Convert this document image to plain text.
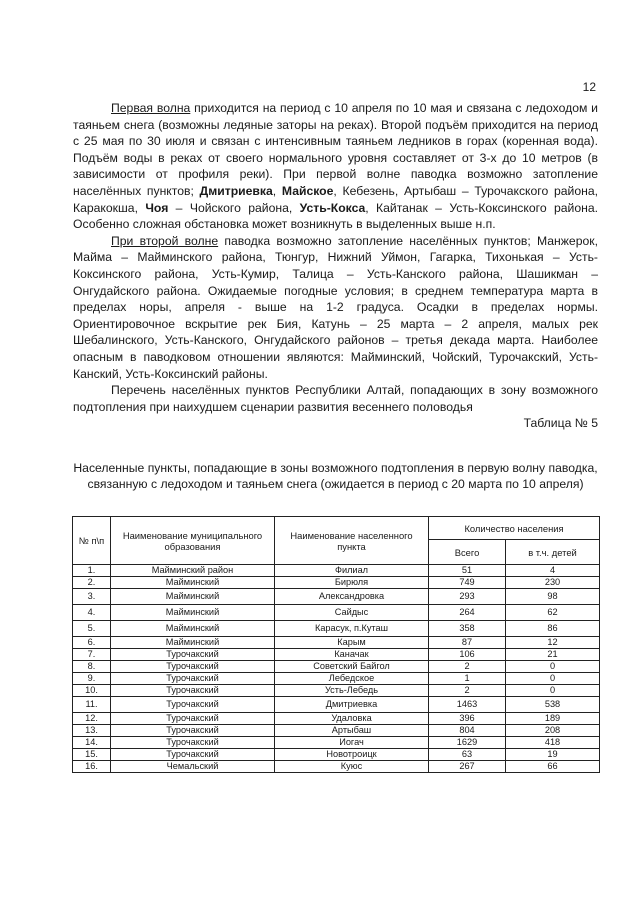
12

Первая волна приходится на период с 10 апреля по 10 мая и связана с ледоходом и таяньем снега (возможны ледяные заторы на реках). Второй подъём приходится на период с 25 мая по 30 июля и связан с интенсивным таяньем ледников в горах (коренная вода). Подъём воды в реках от своего нормального уровня составляет от 3-х до 10 метров (в зависимости от профиля реки). При первой волне паводка возможно затопление населённых пунктов; Дмитриевка, Майское, Кебезень, Артыбаш – Турочакского района, Каракокша, Чоя – Чойского района, Усть-Кокса, Кайтанак – Усть-Коксинского района. Особенно сложная обстановка может возникнуть в выделенных выше н.п.

При второй волне паводка возможно затопление населённых пунктов; Манжерок, Майма – Майминского района, Тюнгур, Нижний Уймон, Гагарка, Тихонькая – Усть-Коксинского района, Усть-Кумир, Талица – Усть-Канского района, Шашикман – Онгудайского района. Ожидаемые погодные условия; в среднем температура марта в пределах норы, апреля - выше на 1-2 градуса. Осадки в пределах нормы. Ориентировочное вскрытие рек Бия, Катунь – 25 марта – 2 апреля, малых рек Шебалинского, Усть-Канского, Онгудайского районов – третья декада марта. Наиболее опасным в паводковом отношении являются: Майминский, Чойский, Турочакский, Усть-Канский, Усть-Коксинский районы.

Перечень населённых пунктов Республики Алтай, попадающих в зону возможного подтопления при наихудшем сценарии развития весеннего половодья

Таблица № 5

Населенные пункты, попадающие в зоны возможного подтопления в первую волну паводка, связанную с ледоходом и таяньем снега (ожидается в период с 20 марта по 10 апреля)
№ п\п	Наименование муниципального образования	Наименование населенного пункта	Количество населения	
			Всего	в т.ч. детей
1.	Майминский район	Филиал	51	4
2.	Майминский	Бирюля	749	230
3.	Майминский	Александровка	293	98
4.	Майминский	Сайдыс	264	62
5.	Майминский	Карасук, п.Куташ	358	86
6.	Майминский	Карым	87	12
7.	Турочакский	Каначак	106	21
8.	Турочакский	Советский Байгол	2	0
9.	Турочакский	Лебедское	1	0
10.	Турочакский	Усть-Лебедь	2	0
11.	Турочакский	Дмитриевка	1463	538
12.	Турочакский	Удаловка	396	189
13.	Турочакский	Артыбаш	804	208
14.	Турочакский	Иогач	1629	418
15.	Турочакский	Новотроицк	63	19
16.	Чемальский	Куюс	267	66
